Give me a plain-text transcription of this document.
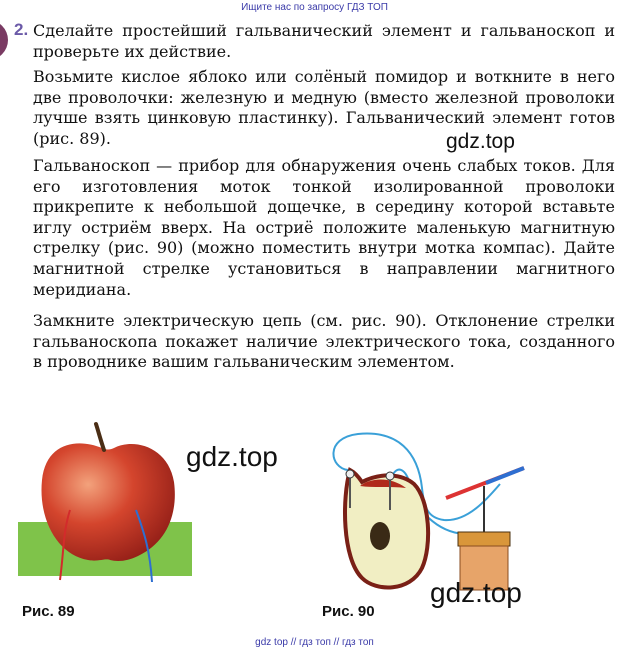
Ищите нас по запросу ГДЗ ТОП
2. Сделайте простейший гальванический элемент и гальваноскоп и проверьте их действие.

Возьмите кислое яблоко или солёный помидор и воткните в него две проволочки: железную и медную (вместо железной проволоки лучше взять цинковую пластинку). Гальванический элемент готов (рис. 89).

Гальваноскоп — прибор для обнаружения очень слабых токов. Для его изготовления моток тонкой изолированной проволоки прикрепите к небольшой дощечке, в середину которой вставьте иглу остриём вверх. На остриё положите маленькую магнитную стрелку (рис. 90) (можно поместить внутри мотка компас). Дайте магнитной стрелке установиться в направлении магнитного меридиана.

Замкните электрическую цепь (см. рис. 90). Отклонение стрелки гальваноскопа покажет наличие электрического тока, созданного в проводнике вашим гальваническим элементом.

gdz.top
gdz.top
gdz.top
Рис. 89	Рис. 90
gdz top // гдз топ // гдз топ
